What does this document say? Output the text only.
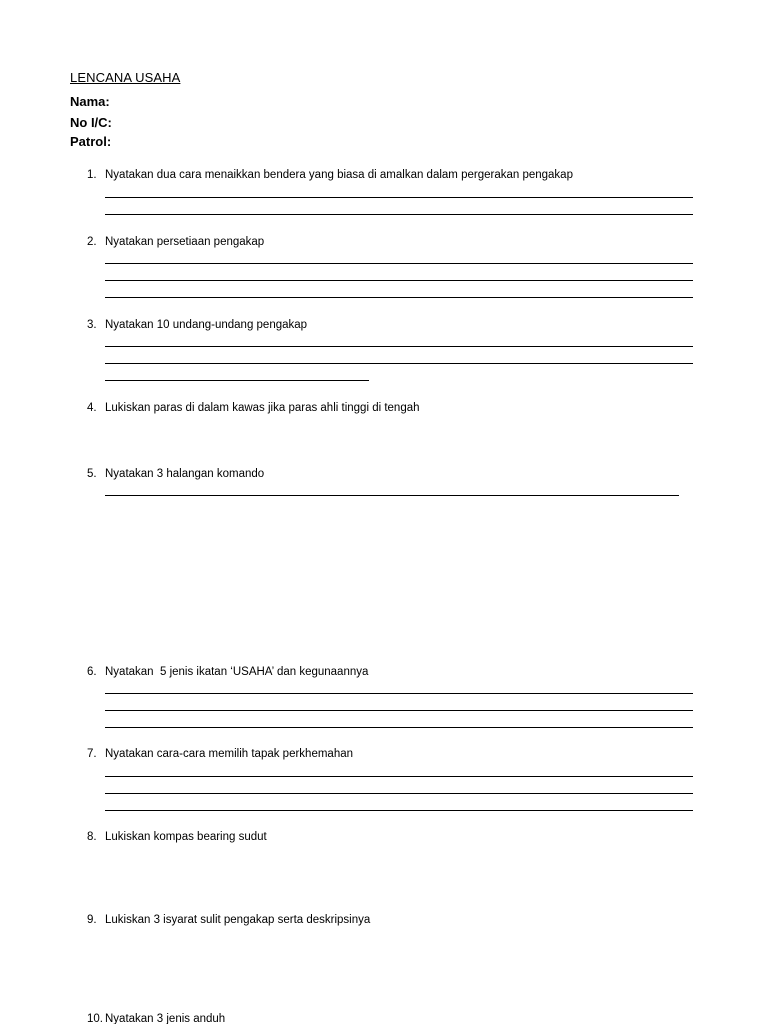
LENCANA USAHA
Nama:
No I/C:
Patrol:
1. Nyatakan dua cara menaikkan bendera yang biasa di amalkan dalam pergerakan pengakap
2. Nyatakan persetiaan pengakap
3. Nyatakan 10 undang-undang pengakap
4. Lukiskan paras di dalam kawas jika paras ahli tinggi di tengah
5. Nyatakan 3 halangan komando
6. Nyatakan  5 jenis ikatan ‘USAHA’ dan kegunaannya
7. Nyatakan cara-cara memilih tapak perkhemahan
8. Lukiskan kompas bearing sudut
9. Lukiskan 3 isyarat sulit pengakap serta deskripsinya
10. Nyatakan 3 jenis anduh
